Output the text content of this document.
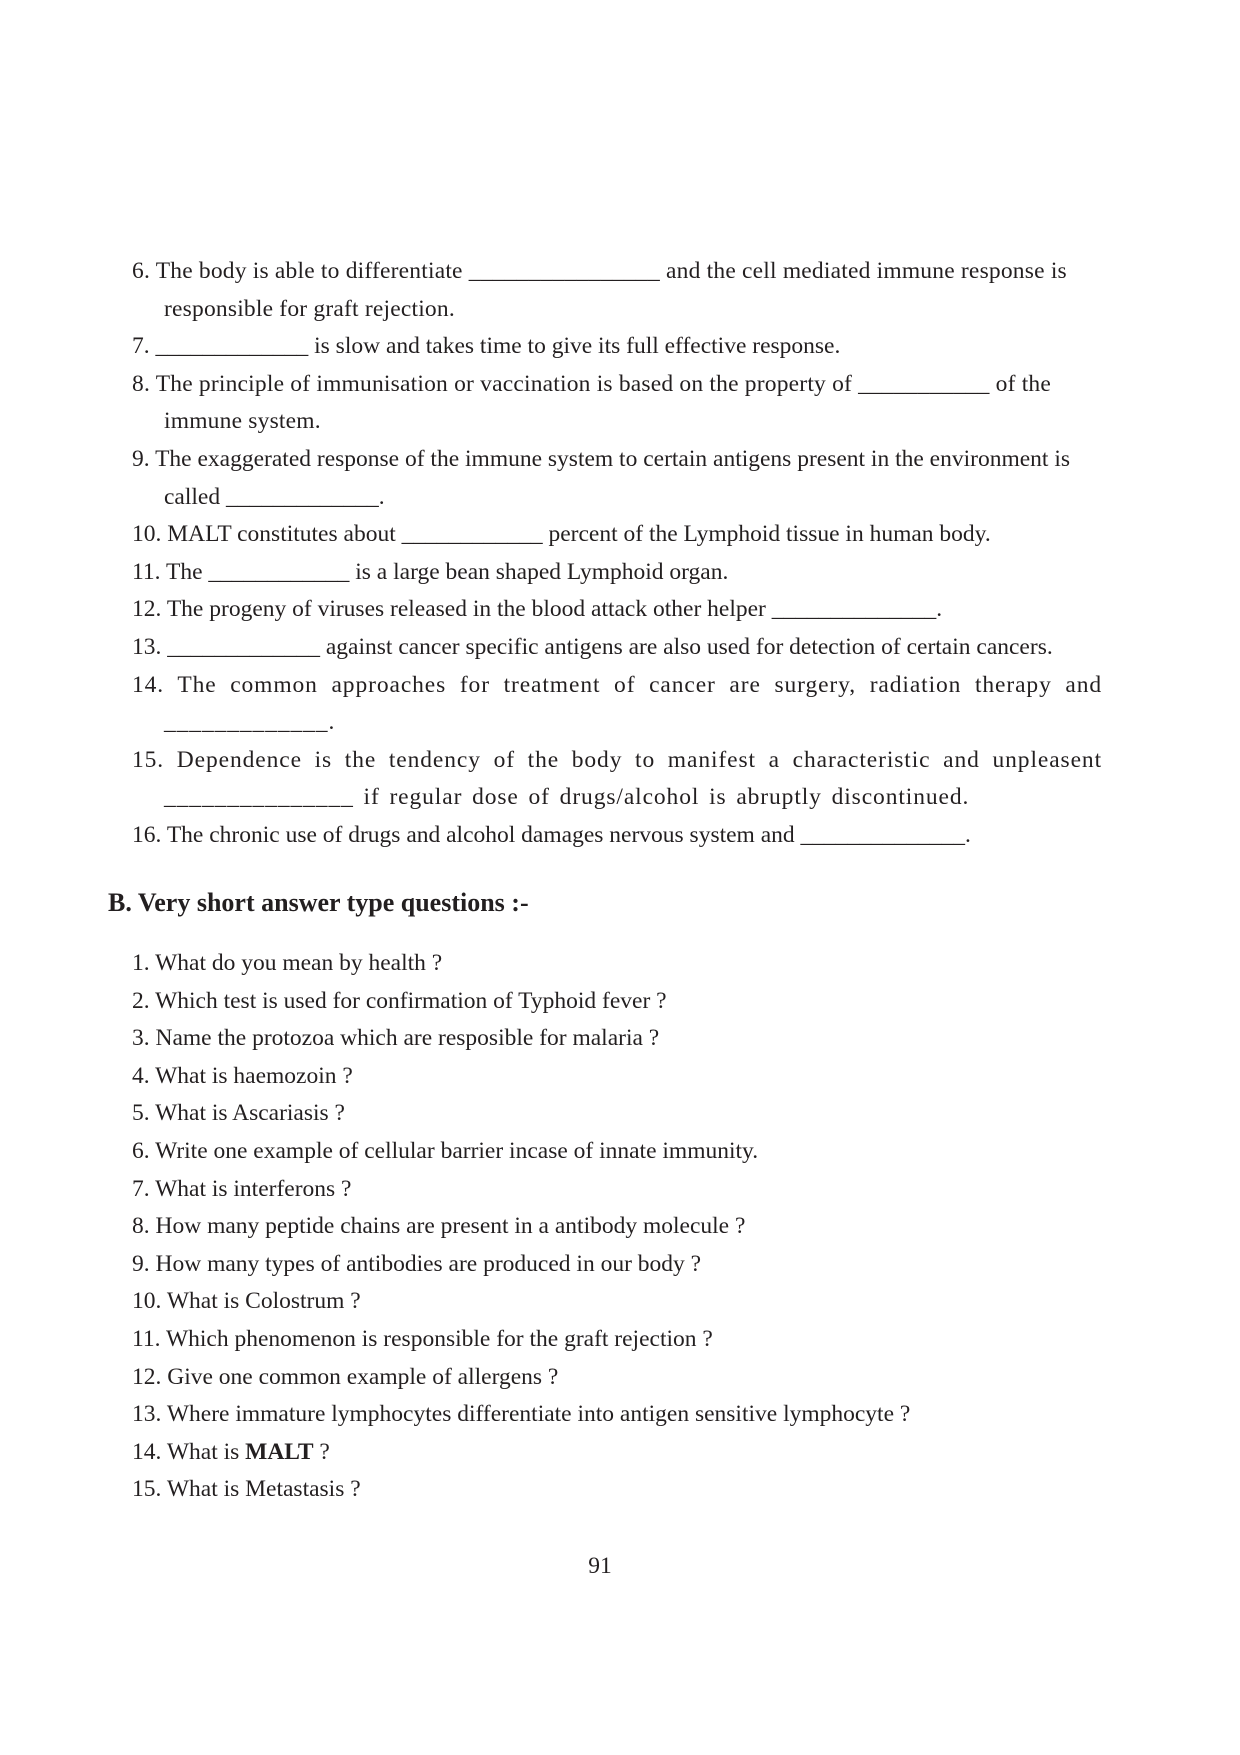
6. The body is able to differentiate ________________ and the cell mediated immune response is responsible for graft rejection.

7. _____________ is slow and takes time to give its full effective response.

8. The principle of immunisation or vaccination is based on the property of ___________ of the immune system.

9. The exaggerated response of the immune system to certain antigens present in the environment is called _____________.

10. MALT constitutes about ____________ percent of the Lymphoid tissue in human body.

11. The ____________ is a large bean shaped Lymphoid organ.

12. The progeny of viruses released in the blood attack other helper ______________.

13. _____________ against cancer specific antigens are also used for detection of certain cancers.

14. The common approaches for treatment of cancer are surgery, radiation therapy and _____________.

15. Dependence is the tendency of the body to manifest a characteristic and unpleasent _______________ if regular dose of drugs/alcohol is abruptly discontinued.

16. The chronic use of drugs and alcohol damages nervous system and ______________.

B. Very short answer type questions :-

1. What do you mean by health ?

2. Which test is used for confirmation of Typhoid fever ?

3. Name the protozoa which are resposible for malaria ?

4. What is haemozoin ?

5. What is Ascariasis ?

6. Write one example of cellular barrier incase of innate immunity.

7. What is interferons ?

8. How many peptide chains are present in a antibody molecule ?

9. How many types of antibodies are produced in our body ?

10. What is Colostrum ?

11. Which phenomenon is responsible for the graft rejection ?

12. Give one common example of allergens ?

13. Where immature lymphocytes differentiate into antigen sensitive lymphocyte ?

14. What is MALT ?

15. What is Metastasis ?

91
